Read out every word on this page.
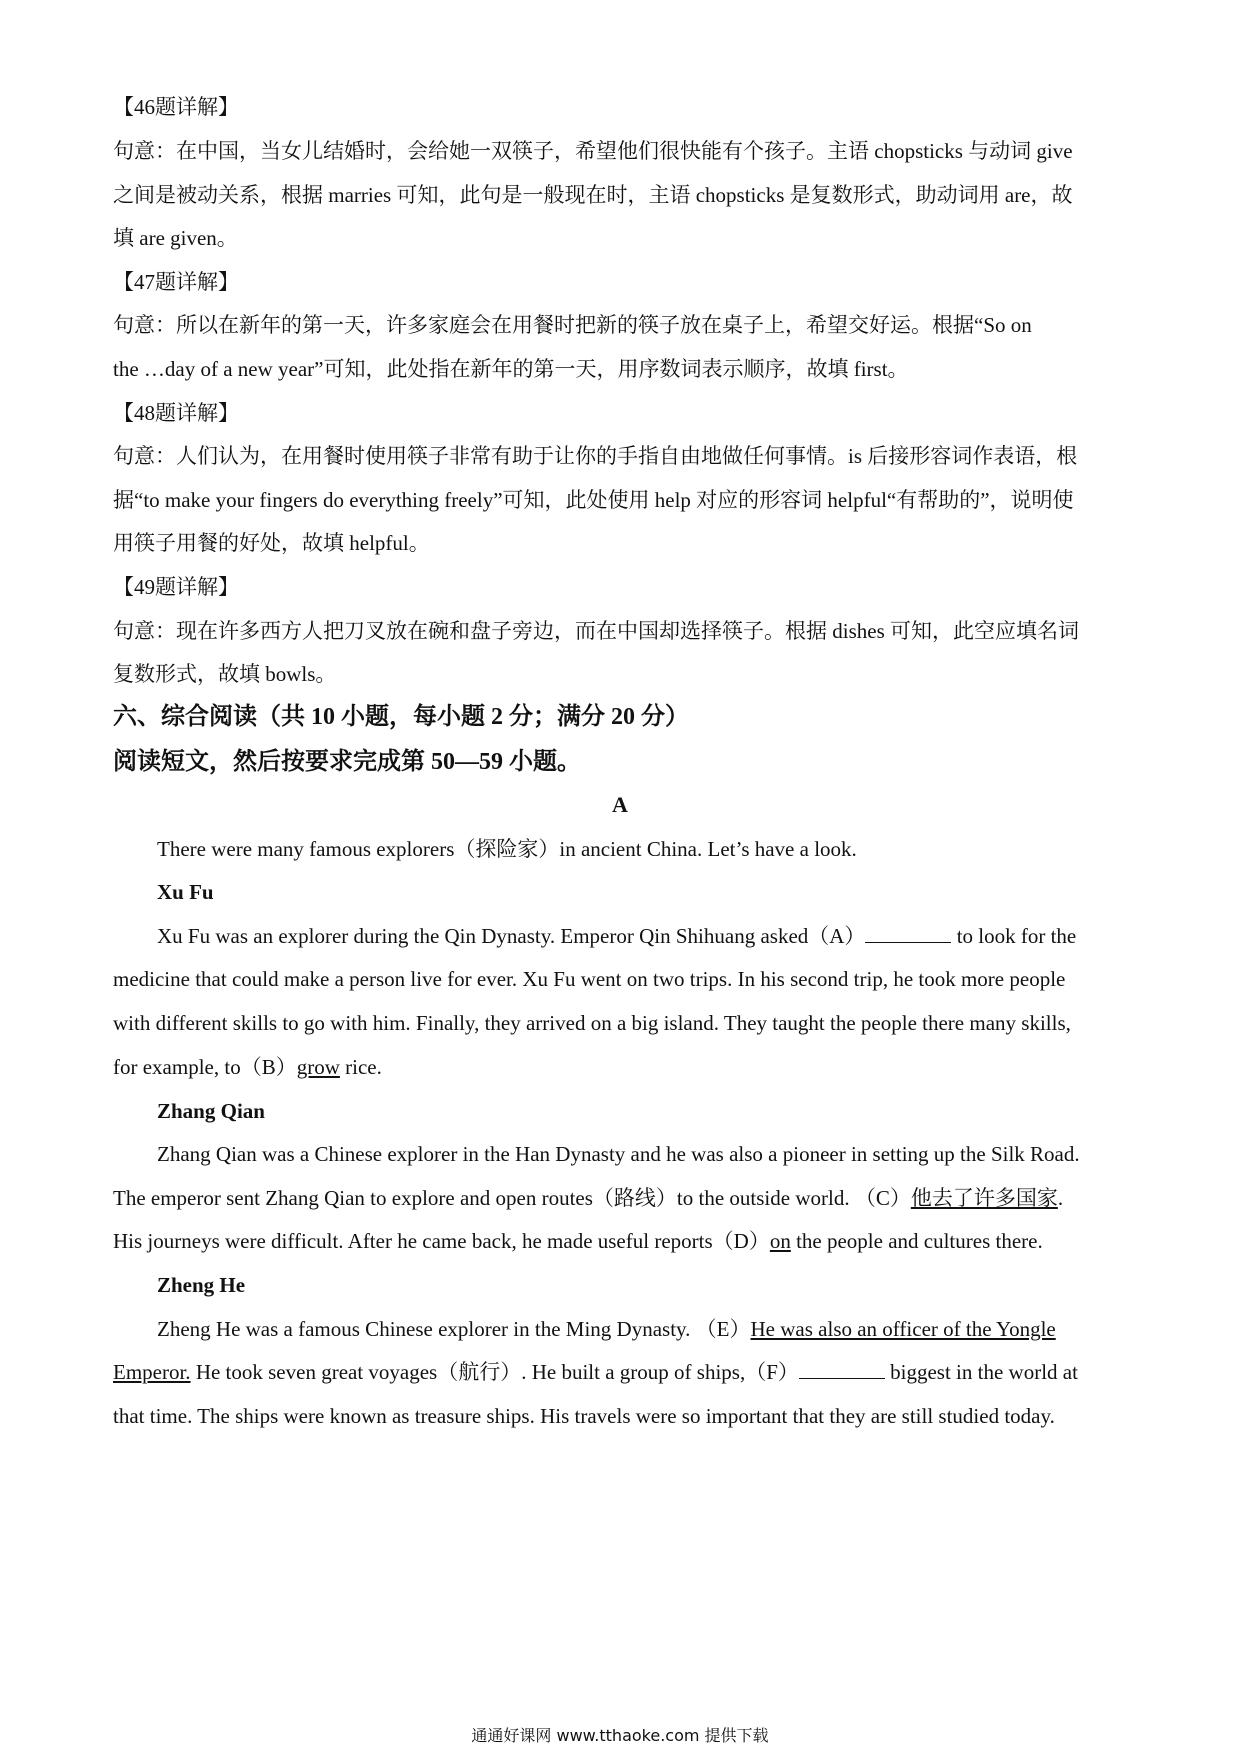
【46题详解】
句意：在中国，当女儿结婚时，会给她一双筷子，希望他们很快能有个孩子。主语 chopsticks 与动词 give
之间是被动关系，根据 marries 可知，此句是一般现在时，主语 chopsticks 是复数形式，助动词用 are，故
填 are given。
【47题详解】
句意：所以在新年的第一天，许多家庭会在用餐时把新的筷子放在桌子上，希望交好运。根据“So on
the …day of a new year”可知，此处指在新年的第一天，用序数词表示顺序，故填 first。
【48题详解】
句意：人们认为，在用餐时使用筷子非常有助于让你的手指自由地做任何事情。is 后接形容词作表语，根
据“to make your fingers do everything freely”可知，此处使用 help 对应的形容词 helpful“有帮助的”，说明使
用筷子用餐的好处，故填 helpful。
【49题详解】
句意：现在许多西方人把刀叉放在碗和盘子旁边，而在中国却选择筷子。根据 dishes 可知，此空应填名词
复数形式，故填 bowls。
六、综合阅读（共 10 小题，每小题 2 分；满分 20 分）
阅读短文，然后按要求完成第 50—59 小题。
A
There were many famous explorers（探险家）in ancient China. Let’s have a look.
Xu Fu
Xu Fu was an explorer during the Qin Dynasty. Emperor Qin Shihuang asked（A）	to look for the
medicine that could make a person live for ever. Xu Fu went on two trips. In his second trip, he took more people
with different skills to go with him. Finally, they arrived on a big island. They taught the people there many skills,
for example, to（B）grow rice.
Zhang Qian
Zhang Qian was a Chinese explorer in the Han Dynasty and he was also a pioneer in setting up the Silk Road.
The emperor sent Zhang Qian to explore and open routes（路线）to the outside world. （C）他去了许多国家.
His journeys were difficult. After he came back, he made useful reports（D）on the people and cultures there.
Zheng He
Zheng He was a famous Chinese explorer in the Ming Dynasty. （E）He was also an officer of the Yongle
Emperor. He took seven great voyages（航行）. He built a group of ships,（F）	biggest in the world at
that time. The ships were known as treasure ships. His travels were so important that they are still studied today.
通通好课网 www.tthaoke.com 提供下载
